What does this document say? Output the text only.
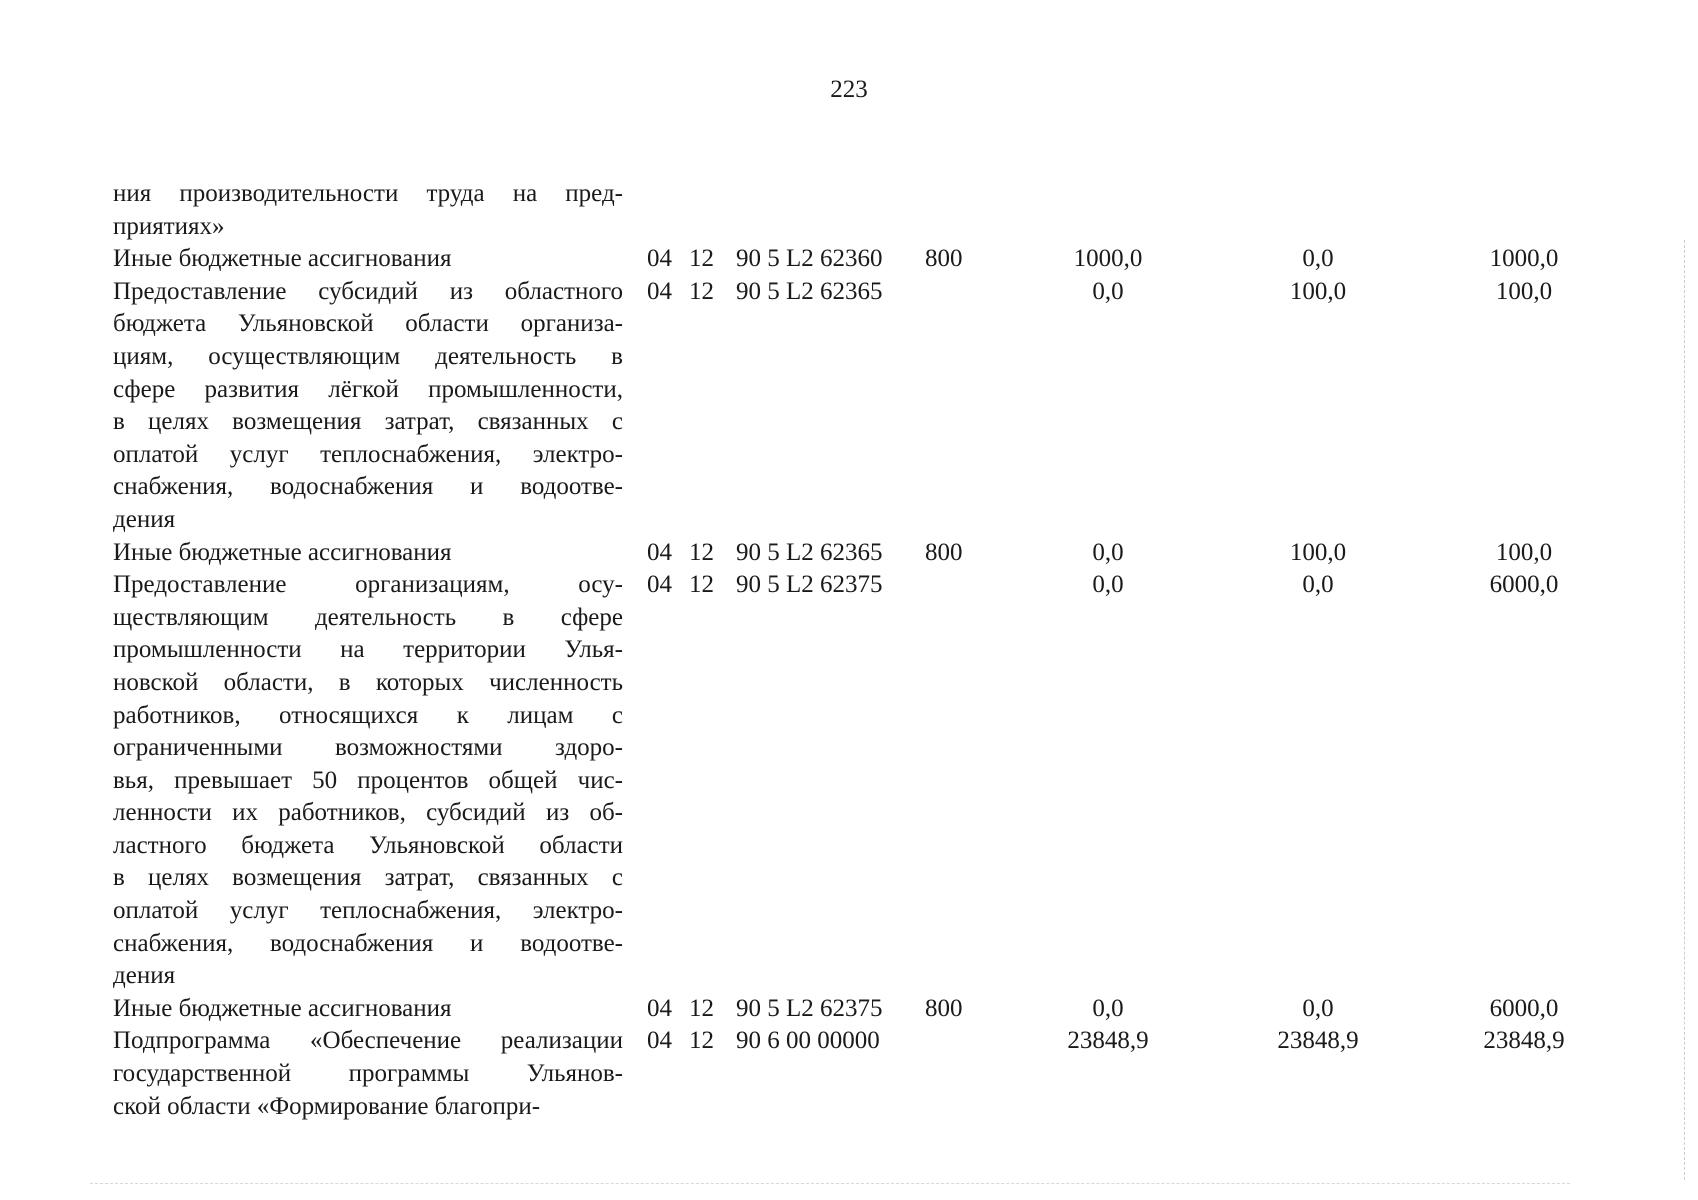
223
ния производительности труда на пред-
приятиях»
Иные бюджетные ассигнования	04 12 90 5 L2 62360 800	1000,0	0,0	1000,0
Предоставление субсидий из областного
бюджета Ульяновской области организа-
циям, осуществляющим деятельность в
сфере развития лёгкой промышленности,
в целях возмещения затрат, связанных с
оплатой услуг теплоснабжения, электро-
снабжения, водоснабжения и водоотве-
дения
04 12 90 5 L2 62365	0,0	100,0	100,0
Иные бюджетные ассигнования	04 12 90 5 L2 62365 800	0,0	100,0	100,0
Предоставление организациям, осу-
ществляющим деятельность в сфере
промышленности на территории Улья-
новской области, в которых численность
работников, относящихся к лицам с
ограниченными возможностями здоро-
вья, превышает 50 процентов общей чис-
ленности их работников, субсидий из об-
ластного бюджета Ульяновской области
в целях возмещения затрат, связанных с
оплатой услуг теплоснабжения, электро-
снабжения, водоснабжения и водоотве-
дения
04 12 90 5 L2 62375	0,0	0,0	6000,0
Иные бюджетные ассигнования	04 12 90 5 L2 62375 800	0,0	0,0	6000,0
Подпрограмма «Обеспечение реализации
государственной программы Ульянов-
ской области «Формирование благопри-
04 12 90 6 00 00000	23848,9	23848,9	23848,9
